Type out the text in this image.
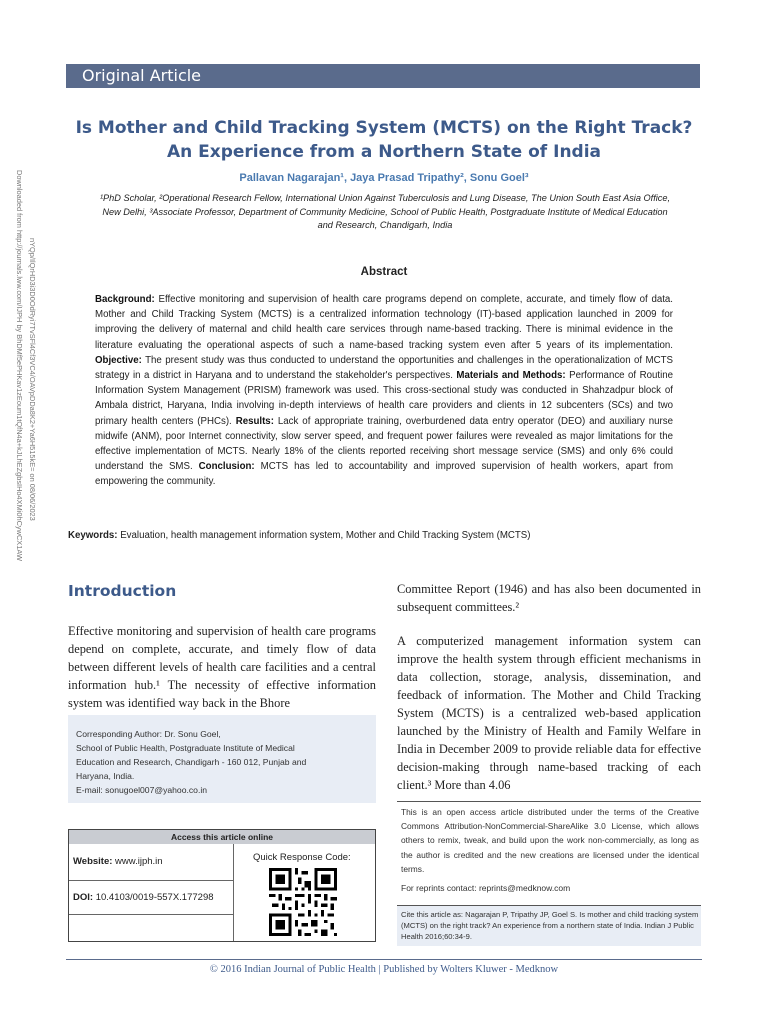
Original Article
Is Mother and Child Tracking System (MCTS) on the Right Track?
An Experience from a Northern State of India
Pallavan Nagarajan¹, Jaya Prasad Tripathy², Sonu Goel³
¹PhD Scholar, ²Operational Research Fellow, International Union Against Tuberculosis and Lung Disease, The Union South East Asia Office,
New Delhi, ³Associate Professor, Department of Community Medicine, School of Public Health, Postgraduate Institute of Medical Education
and Research, Chandigarh, India
Downloaded from http://journals.lww.com/IJPH by BhDMf5ePHKav1zEoum1tQfN4a+kJLhEZgbsIHo4XMi0hCywCX1AW nYQp/IlQrHD3i3D0OdRyi7TvSFl4Cf3VC4/OAVpDDa8K2+Ya6H515kE= on 08/06/2023	Abstract
Background: Effective monitoring and supervision of health care programs depend on complete, accurate, and timely flow of data. Mother and Child Tracking System (MCTS) is a centralized information technology (IT)-based application launched in 2009 for improving the delivery of maternal and child health care services through name-based tracking. There is minimal evidence in the literature evaluating the operational aspects of such a name-based tracking system even after 5 years of its implementation. Objective: The present study was thus conducted to understand the opportunities and challenges in the operationalization of MCTS strategy in a district in Haryana and to understand the stakeholder's perspectives. Materials and Methods: Performance of Routine Information System Management (PRISM) framework was used. This cross-sectional study was conducted in Shahzadpur block of Ambala district, Haryana, India involving in-depth interviews of health care providers and clients in 12 subcenters (SCs) and two primary health centers (PHCs). Results: Lack of appropriate training, overburdened data entry operator (DEO) and auxiliary nurse midwife (ANM), poor Internet connectivity, slow server speed, and frequent power failures were revealed as major limitations for the effective implementation of MCTS. Nearly 18% of the clients reported receiving short message service (SMS) and only 6% could understand the SMS. Conclusion: MCTS has led to accountability and improved supervision of health workers, apart from empowering the community.
Keywords: Evaluation, health management information system, Mother and Child Tracking System (MCTS)
Introduction
Effective monitoring and supervision of health care programs depend on complete, accurate, and timely flow of data between different levels of health care facilities and a central information hub.¹ The necessity of effective information system was identified way back in the Bhore
Committee Report (1946) and has also been documented in subsequent committees.²
A computerized management information system can improve the health system through efficient mechanisms in data collection, storage, analysis, dissemination, and feedback of information. The Mother and Child Tracking System (MCTS) is a centralized web-based application launched by the Ministry of Health and Family Welfare in India in December 2009 to provide reliable data for effective decision-making through name-based tracking of each client.³ More than 4.06
Corresponding Author: Dr. Sonu Goel,
School of Public Health, Postgraduate Institute of Medical
Education and Research, Chandigarh - 160 012, Punjab and
Haryana, India.
E-mail: sonugoel007@yahoo.co.in
Access this article online
Website: www.ijph.in
DOI: 10.4103/0019-557X.177298
Quick Response Code:
This is an open access article distributed under the terms of the Creative Commons Attribution-NonCommercial-ShareAlike 3.0 License, which allows others to remix, tweak, and build upon the work non-commercially, as long as the author is credited and the new creations are licensed under the identical terms.
For reprints contact: reprints@medknow.com
Cite this article as: Nagarajan P, Tripathy JP, Goel S. Is mother and child tracking system (MCTS) on the right track? An experience from a northern state of India. Indian J Public Health 2016;60:34-9.
© 2016 Indian Journal of Public Health | Published by Wolters Kluwer - Medknow
